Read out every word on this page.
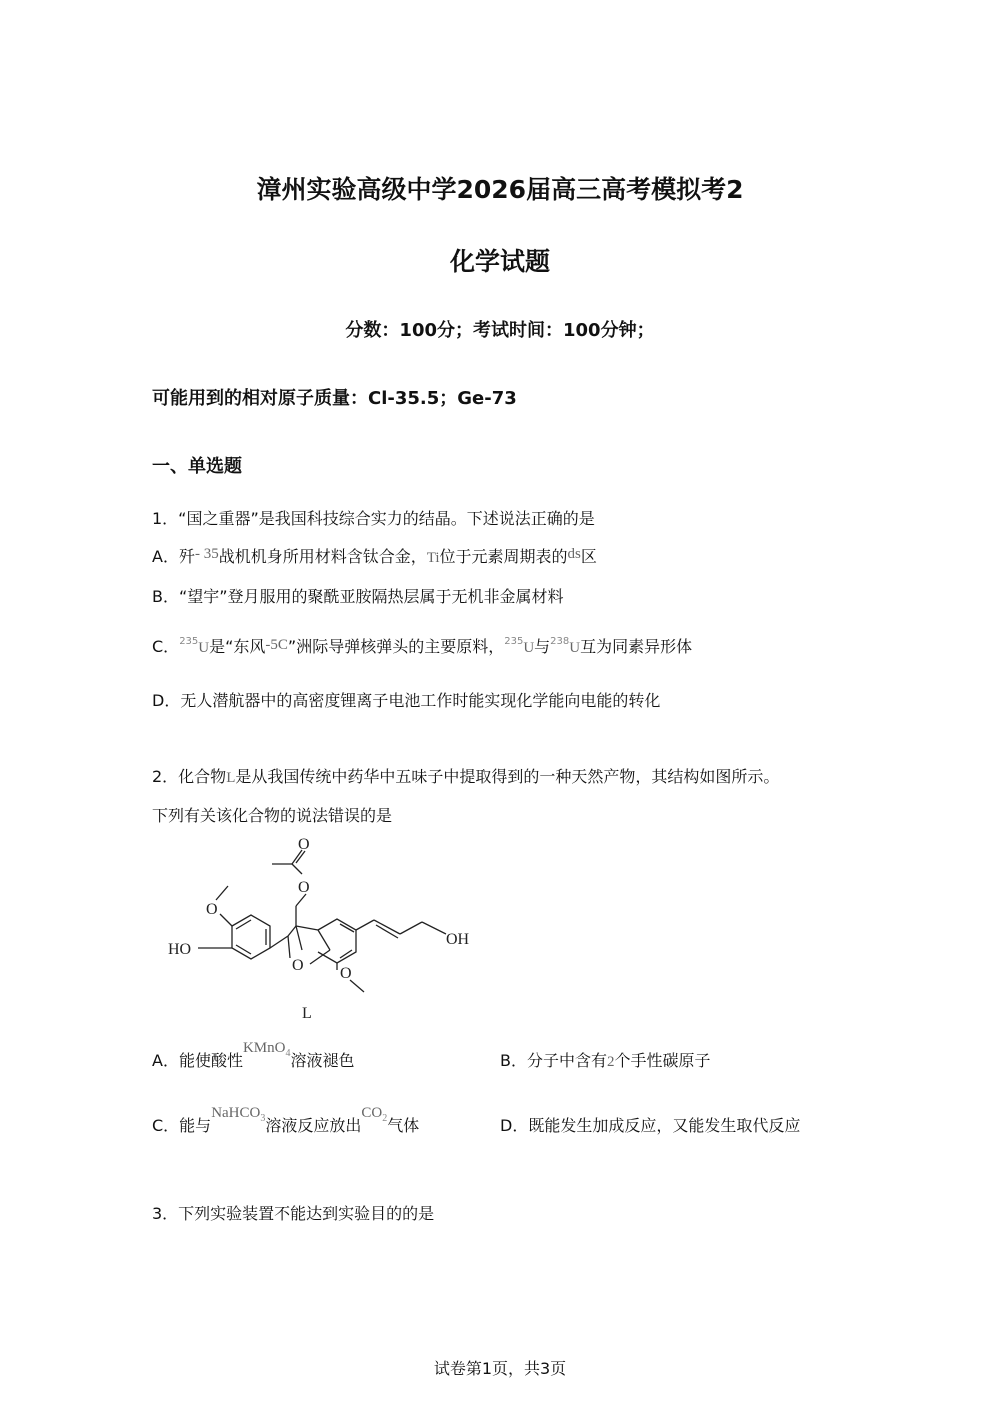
漳州实验高级中学2026届高三高考模拟考2
化学试题
分数：100分；考试时间：100分钟；
可能用到的相对原子质量：Cl-35.5；Ge-73
一、单选题
1．“国之重器”是我国科技综合实力的结晶。下述说法正确的是
A．歼- 35战机机身所用材料含钛合金，Ti位于元素周期表的ds区
B．“望宇”登月服用的聚酰亚胺隔热层属于无机非金属材料
C．$^{235}$U是“东风-5C”洲际导弹核弹头的主要原料，$^{235}$U与$^{238}$U互为同素异形体
D．无人潜航器中的高密度锂离子电池工作时能实现化学能向电能的转化
2．化合物L是从我国传统中药华中五味子中提取得到的一种天然产物，其结构如图所示。
下列有关该化合物的说法错误的是
HO
O
O
O
O
OH
O
L
A．能使酸性KMnO$_4$溶液褪色	B．分子中含有2个手性碳原子
C．能与NaHCO$_3$溶液反应放出$CO_2$气体	D．既能发生加成反应，又能发生取代反应
3．下列实验装置不能达到实验目的的是
试卷第1页，共3页
